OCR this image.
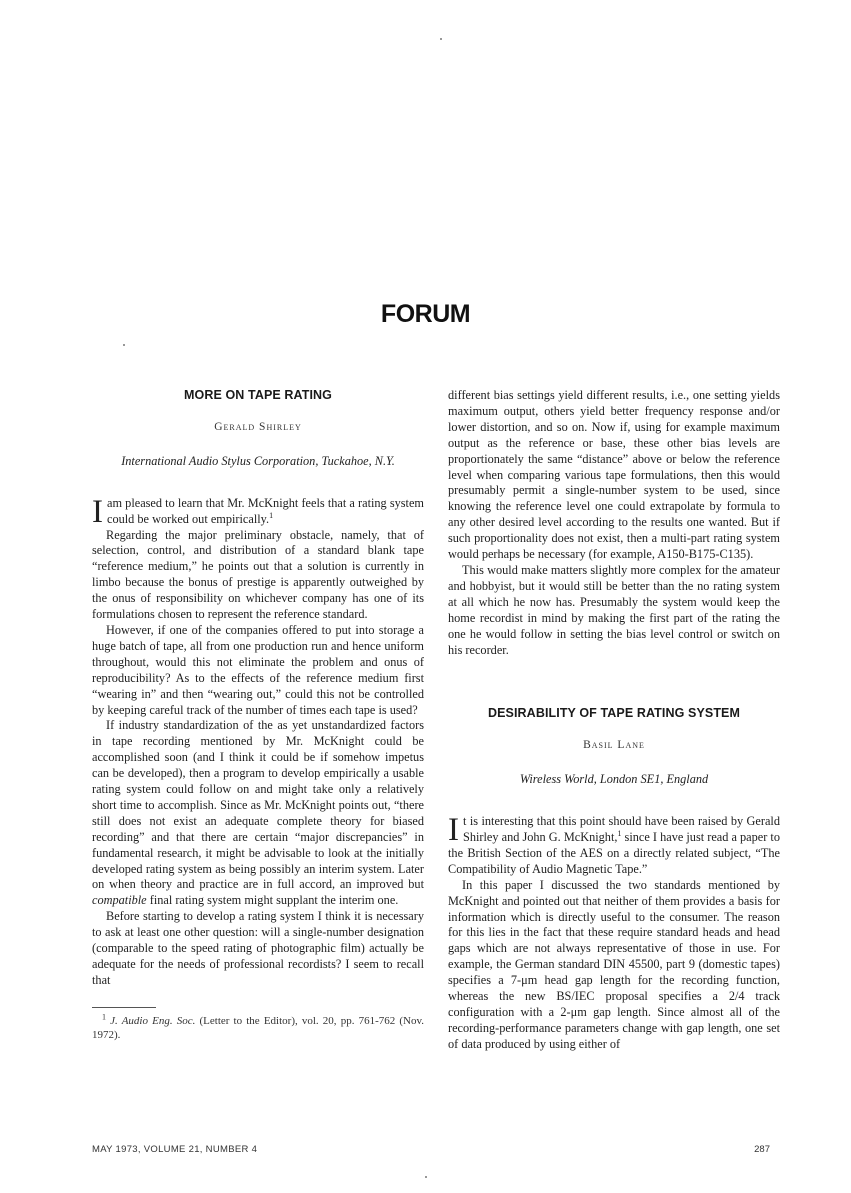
FORUM
MORE ON TAPE RATING
Gerald Shirley
International Audio Stylus Corporation, Tuckahoe, N.Y.

Iam pleased to learn that Mr. McKnight feels that a rating system could be worked out empirically.$^1$

Regarding the major preliminary obstacle, namely, that of selection, control, and distribution of a standard blank tape “reference medium,” he points out that a solution is currently in limbo because the bonus of prestige is apparently outweighed by the onus of responsibility on whichever company has one of its formulations chosen to represent the reference standard.

However, if one of the companies offered to put into storage a huge batch of tape, all from one production run and hence uniform throughout, would this not eliminate the problem and onus of reproducibility? As to the effects of the reference medium first “wearing in” and then “wearing out,” could this not be controlled by keeping careful track of the number of times each tape is used?

If industry standardization of the as yet unstandardized factors in tape recording mentioned by Mr. McKnight could be accomplished soon (and I think it could be if somehow impetus can be developed), then a program to develop empirically a usable rating system could follow on and might take only a relatively short time to accomplish. Since as Mr. McKnight points out, “there still does not exist an adequate complete theory for biased recording” and that there are certain “major discrepancies” in fundamental research, it might be advisable to look at the initially developed rating system as being possibly an interim system. Later on when theory and practice are in full accord, an improved but compatible final rating system might supplant the interim one.

Before starting to develop a rating system I think it is necessary to ask at least one other question: will a single-number designation (comparable to the speed rating of photographic film) actually be adequate for the needs of professional recordists? I seem to recall that

$^1$ J. Audio Eng. Soc. (Letter to the Editor), vol. 20, pp. 761-762 (Nov. 1972).

different bias settings yield different results, i.e., one setting yields maximum output, others yield better frequency response and/or lower distortion, and so on. Now if, using for example maximum output as the reference or base, these other bias levels are proportionately the same “distance” above or below the reference level when comparing various tape formulations, then this would presumably permit a single-number system to be used, since knowing the reference level one could extrapolate by formula to any other desired level according to the results one wanted. But if such proportionality does not exist, then a multi-part rating system would perhaps be necessary (for example, A150-B175-C135).

This would make matters slightly more complex for the amateur and hobbyist, but it would still be better than the no rating system at all which he now has. Presumably the system would keep the home recordist in mind by making the first part of the rating the one he would follow in setting the bias level control or switch on his recorder.

DESIRABILITY OF TAPE RATING SYSTEM
Basil Lane
Wireless World, London SE1, England

It is interesting that this point should have been raised by Gerald Shirley and John G. McKnight,$^1$ since I have just read a paper to the British Section of the AES on a directly related subject, “The Compatibility of Audio Magnetic Tape.”

In this paper I discussed the two standards mentioned by McKnight and pointed out that neither of them provides a basis for information which is directly useful to the consumer. The reason for this lies in the fact that these require standard heads and head gaps which are not always representative of those in use. For example, the German standard DIN 45500, part 9 (domestic tapes) specifies a 7-μm head gap length for the recording function, whereas the new BS/IEC proposal specifies a 2/4 track configuration with a 2-μm gap length. Since almost all of the recording-performance parameters change with gap length, one set of data produced by using either of

MAY 1973, VOLUME 21, NUMBER 4	287
